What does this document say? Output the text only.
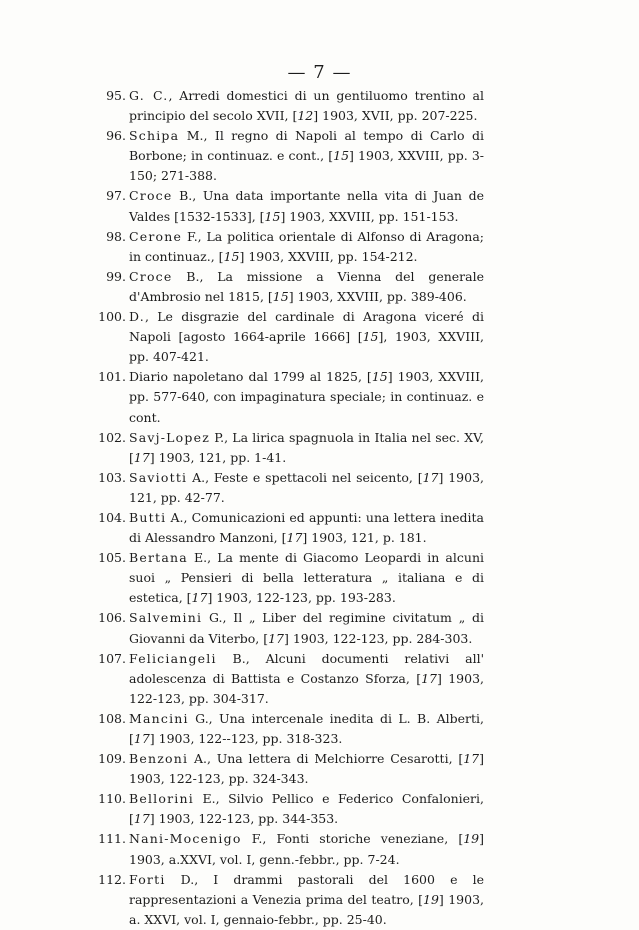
— 7 —

95. G. C., Arredi domestici di un gentiluomo trentino al principio del secolo XVII, [12] 1903, XVII, pp. 207-225.

96. Schipa M., Il regno di Napoli al tempo di Carlo di Borbone; in continuaz. e cont., [15] 1903, XXVIII, pp. 3-150; 271-388.

97. Croce B., Una data importante nella vita di Juan de Valdes [1532-1533], [15] 1903, XXVIII, pp. 151-153.

98. Cerone F., La politica orientale di Alfonso di Aragona; in continuaz., [15] 1903, XXVIII, pp. 154-212.

99. Croce B., La missione a Vienna del generale d'Ambrosio nel 1815, [15] 1903, XXVIII, pp. 389-406.

100. D., Le disgrazie del cardinale di Aragona viceré di Napoli [agosto 1664-aprile 1666] [15], 1903, XXVIII, pp. 407-421.

101. Diario napoletano dal 1799 al 1825, [15] 1903, XXVIII, pp. 577-640, con impaginatura speciale; in continuaz. e cont.

102. Savj-Lopez P., La lirica spagnuola in Italia nel sec. XV, [17] 1903, 121, pp. 1-41.

103. Saviotti A., Feste e spettacoli nel seicento, [17] 1903, 121, pp. 42-77.

104. Butti A., Comunicazioni ed appunti: una lettera inedita di Alessandro Manzoni, [17] 1903, 121, p. 181.

105. Bertana E., La mente di Giacomo Leopardi in alcuni suoi „ Pensieri di bella letteratura „ italiana e di estetica, [17] 1903, 122-123, pp. 193-283.

106. Salvemini G., Il „ Liber del regimine civitatum „ di Giovanni da Viterbo, [17] 1903, 122-123, pp. 284-303.

107. Feliciangeli B., Alcuni documenti relativi all' adolescenza di Battista e Costanzo Sforza, [17] 1903, 122-123, pp. 304-317.

108. Mancini G., Una intercenale inedita di L. B. Alberti, [17] 1903, 122--123, pp. 318-323.

109. Benzoni A., Una lettera di Melchiorre Cesarotti, [17] 1903, 122-123, pp. 324-343.

110. Bellorini E., Silvio Pellico e Federico Confalonieri, [17] 1903, 122-123, pp. 344-353.

111. Nani-Mocenigo F., Fonti storiche veneziane, [19] 1903, a.XXVI, vol. I, genn.-febbr., pp. 7-24.

112. Forti D., I drammi pastorali del 1600 e le rappresentazioni a Venezia prima del teatro, [19] 1903, a. XXVI, vol. I, gennaio-febbr., pp. 25-40.
